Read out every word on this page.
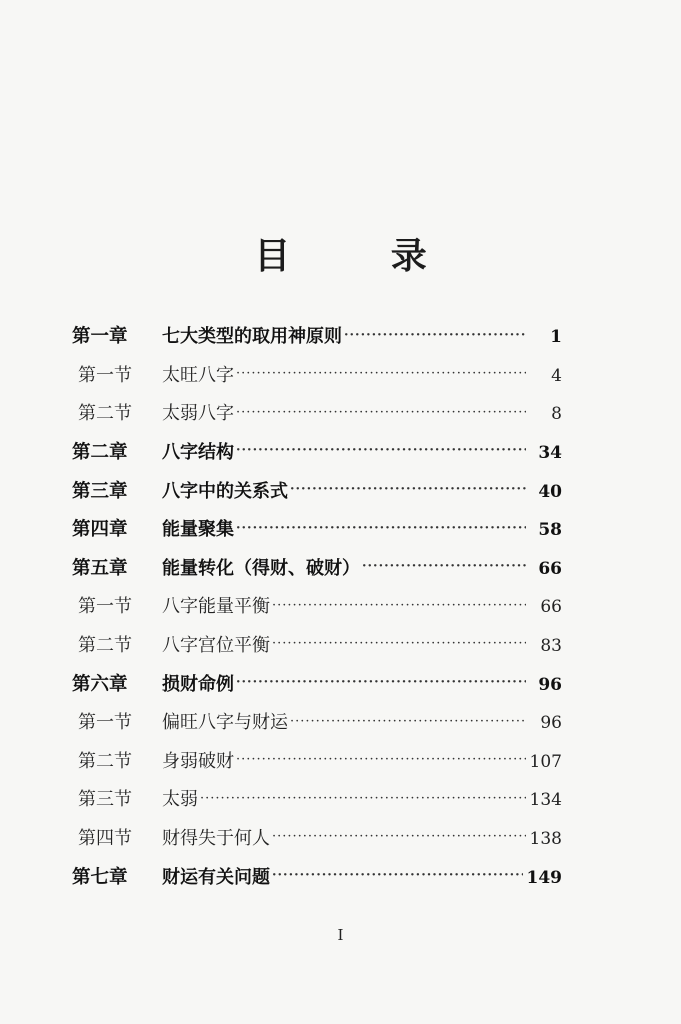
目 录
第一章	七大类型的取用神原则 ·····	1
第一节	太旺八字 ·····	4
第二节	太弱八字 ·····	8
第二章	八字结构 ·····	34
第三章	八字中的关系式 ·····	40
第四章	能量聚集 ·····	58
第五章	能量转化（得财、破财） ·····	66
第一节	八字能量平衡 ·····	66
第二节	八字宫位平衡 ·····	83
第六章	损财命例 ·····	96
第一节	偏旺八字与财运 ·····	96
第二节	身弱破财 ·····	107
第三节	太弱 ·····	134
第四节	财得失于何人 ·····	138
第七章	财运有关问题 ·····	149
I
